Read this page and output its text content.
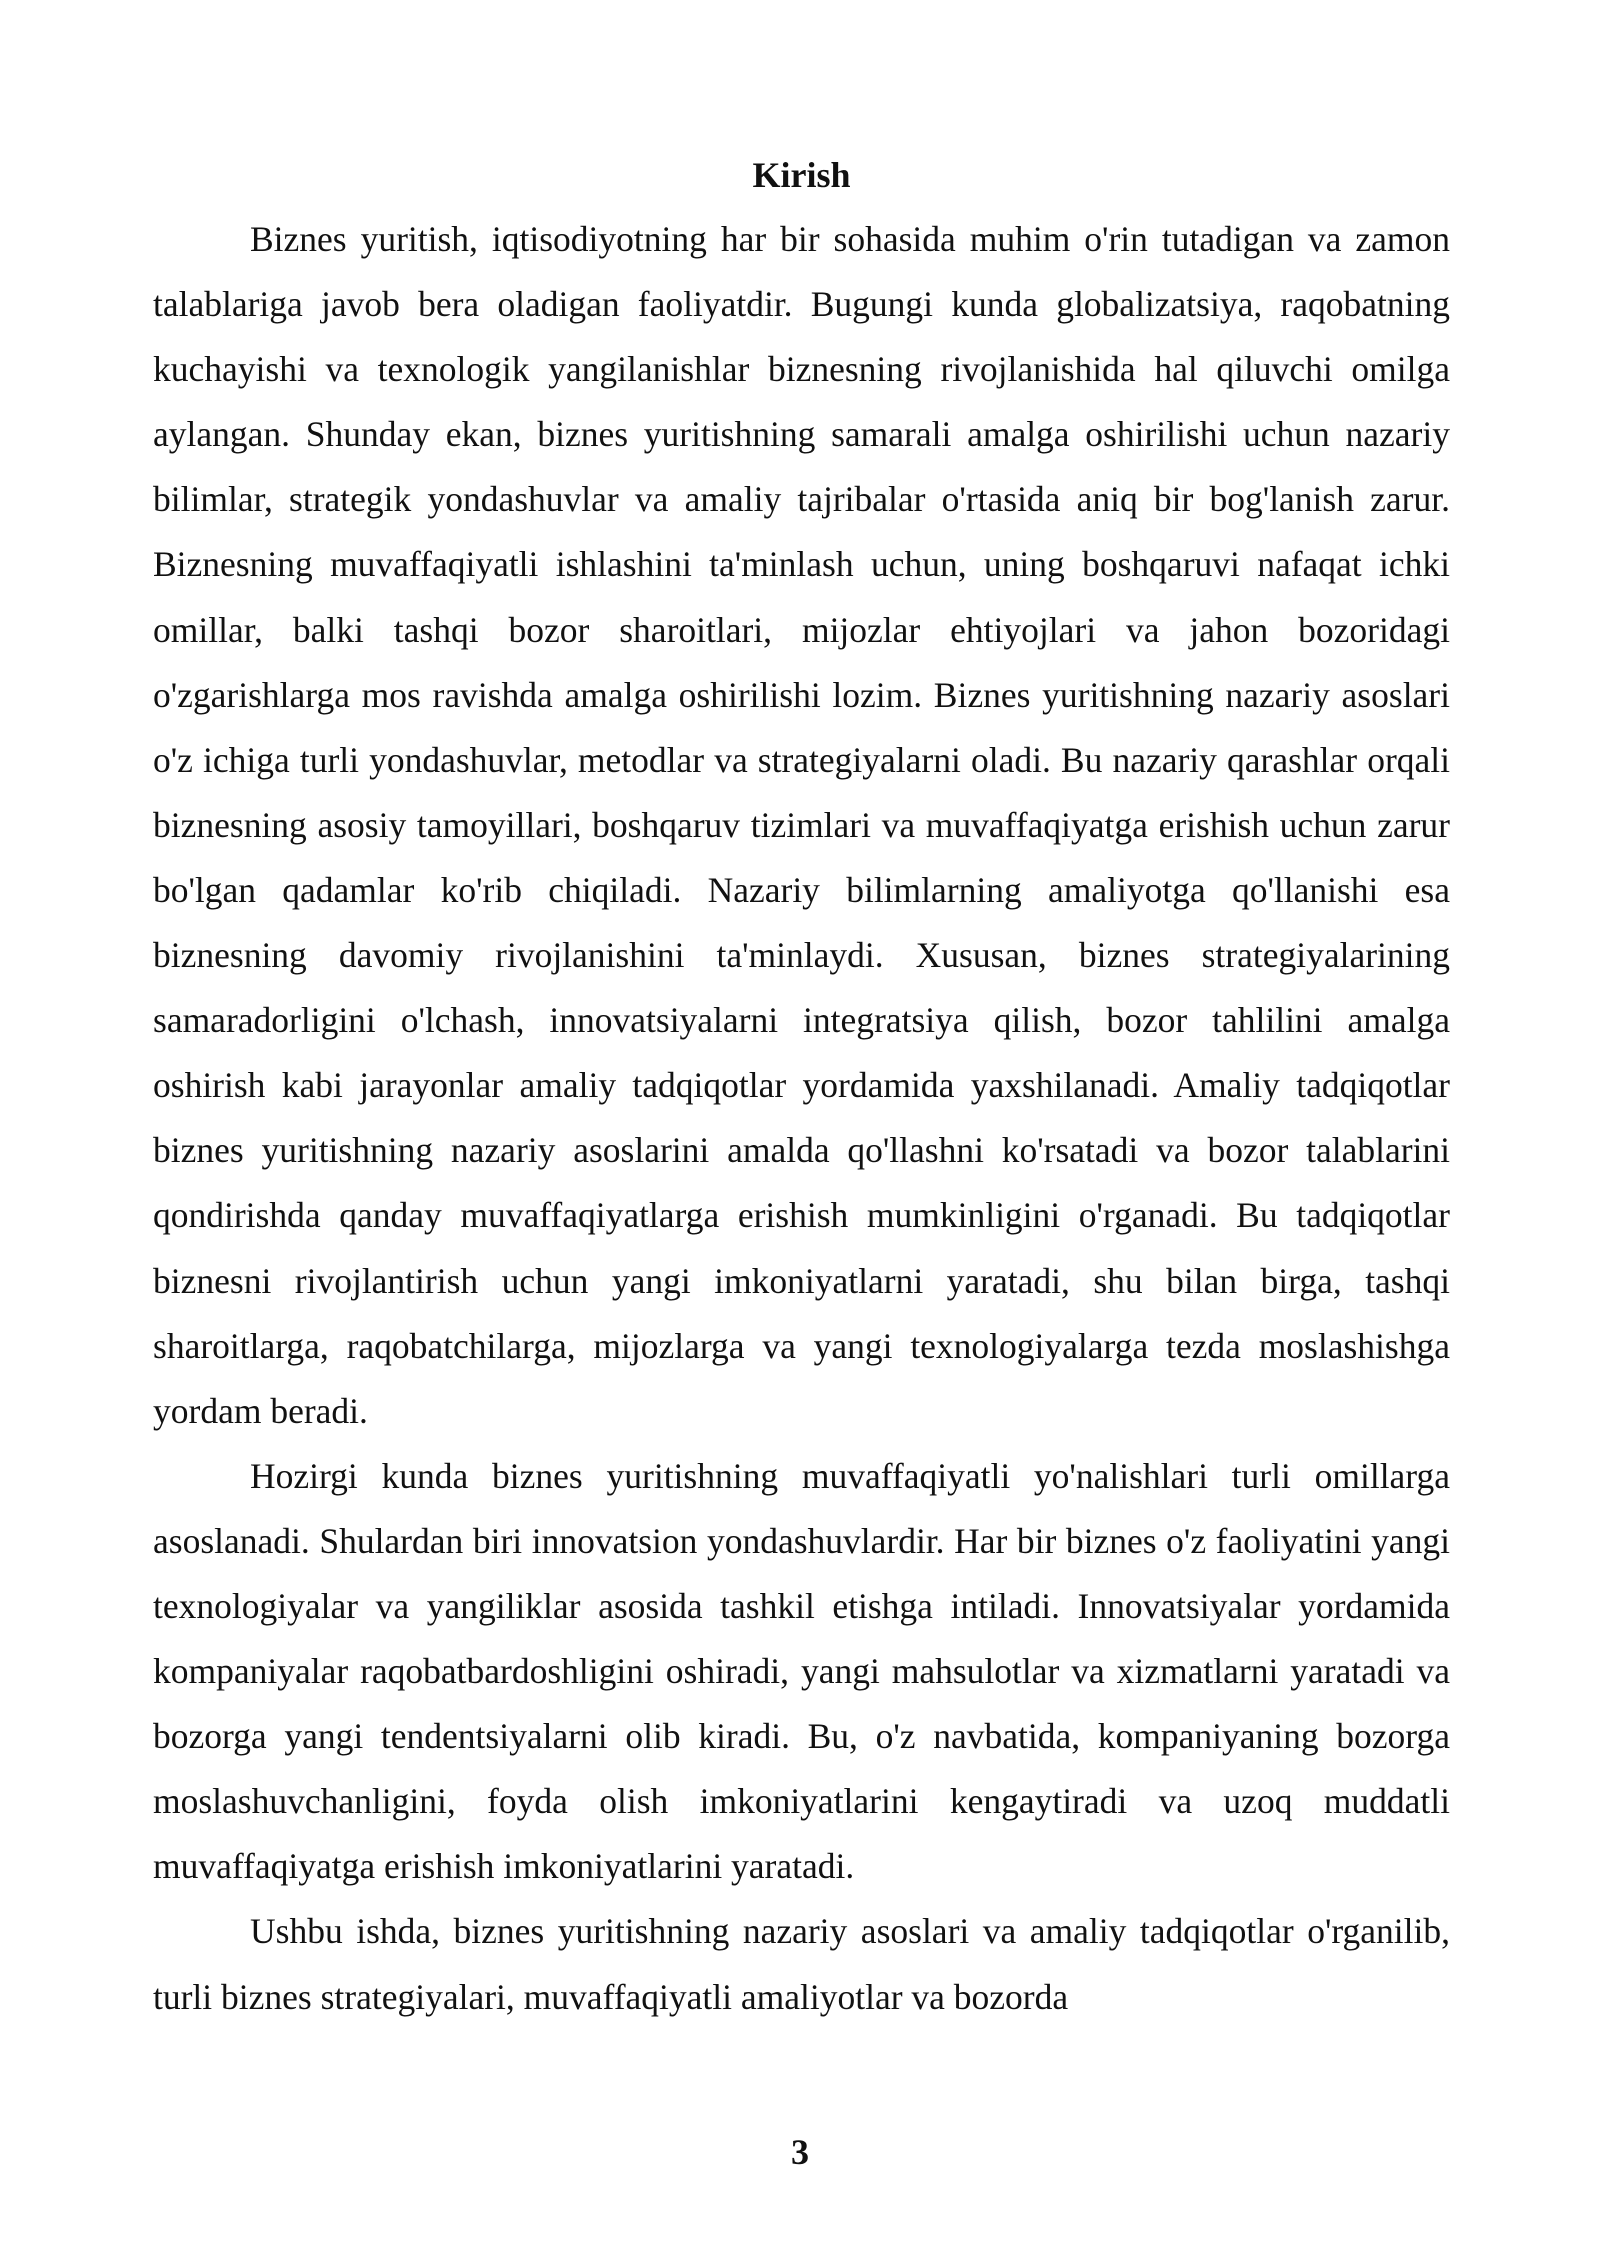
Kirish

Biznes yuritish, iqtisodiyotning har bir sohasida muhim o'rin tutadigan va zamon talablariga javob bera oladigan faoliyatdir. Bugungi kunda globalizatsiya, raqobatning kuchayishi va texnologik yangilanishlar biznesning rivojlanishida hal qiluvchi omilga aylangan. Shunday ekan, biznes yuritishning samarali amalga oshirilishi uchun nazariy bilimlar, strategik yondashuvlar va amaliy tajribalar o'rtasida aniq bir bog'lanish zarur. Biznesning muvaffaqiyatli ishlashini ta'minlash uchun, uning boshqaruvi nafaqat ichki omillar, balki tashqi bozor sharoitlari, mijozlar ehtiyojlari va jahon bozoridagi o'zgarishlarga mos ravishda amalga oshirilishi lozim. Biznes yuritishning nazariy asoslari o'z ichiga turli yondashuvlar, metodlar va strategiyalarni oladi. Bu nazariy qarashlar orqali biznesning asosiy tamoyillari, boshqaruv tizimlari va muvaffaqiyatga erishish uchun zarur bo'lgan qadamlar ko'rib chiqiladi. Nazariy bilimlarning amaliyotga qo'llanishi esa biznesning davomiy rivojlanishini ta'minlaydi. Xususan, biznes strategiyalarining samaradorligini o'lchash, innovatsiyalarni integratsiya qilish, bozor tahlilini amalga oshirish kabi jarayonlar amaliy tadqiqotlar yordamida yaxshilanadi. Amaliy tadqiqotlar biznes yuritishning nazariy asoslarini amalda qo'llashni ko'rsatadi va bozor talablarini qondirishda qanday muvaffaqiyatlarga erishish mumkinligini o'rganadi. Bu tadqiqotlar biznesni rivojlantirish uchun yangi imkoniyatlarni yaratadi, shu bilan birga, tashqi sharoitlarga, raqobatchilarga, mijozlarga va yangi texnologiyalarga tezda moslashishga yordam beradi.

Hozirgi kunda biznes yuritishning muvaffaqiyatli yo'nalishlari turli omillarga asoslanadi. Shulardan biri innovatsion yondashuvlardir. Har bir biznes o'z faoliyatini yangi texnologiyalar va yangiliklar asosida tashkil etishga intiladi. Innovatsiyalar yordamida kompaniyalar raqobatbardoshligini oshiradi, yangi mahsulotlar va xizmatlarni yaratadi va bozorga yangi tendentsiyalarni olib kiradi. Bu, o'z navbatida, kompaniyaning bozorga moslashuvchanligini, foyda olish imkoniyatlarini kengaytiradi va uzoq muddatli muvaffaqiyatga erishish imkoniyatlarini yaratadi.

Ushbu ishda, biznes yuritishning nazariy asoslari va amaliy tadqiqotlar o'rganilib, turli biznes strategiyalari, muvaffaqiyatli amaliyotlar va bozorda

3
